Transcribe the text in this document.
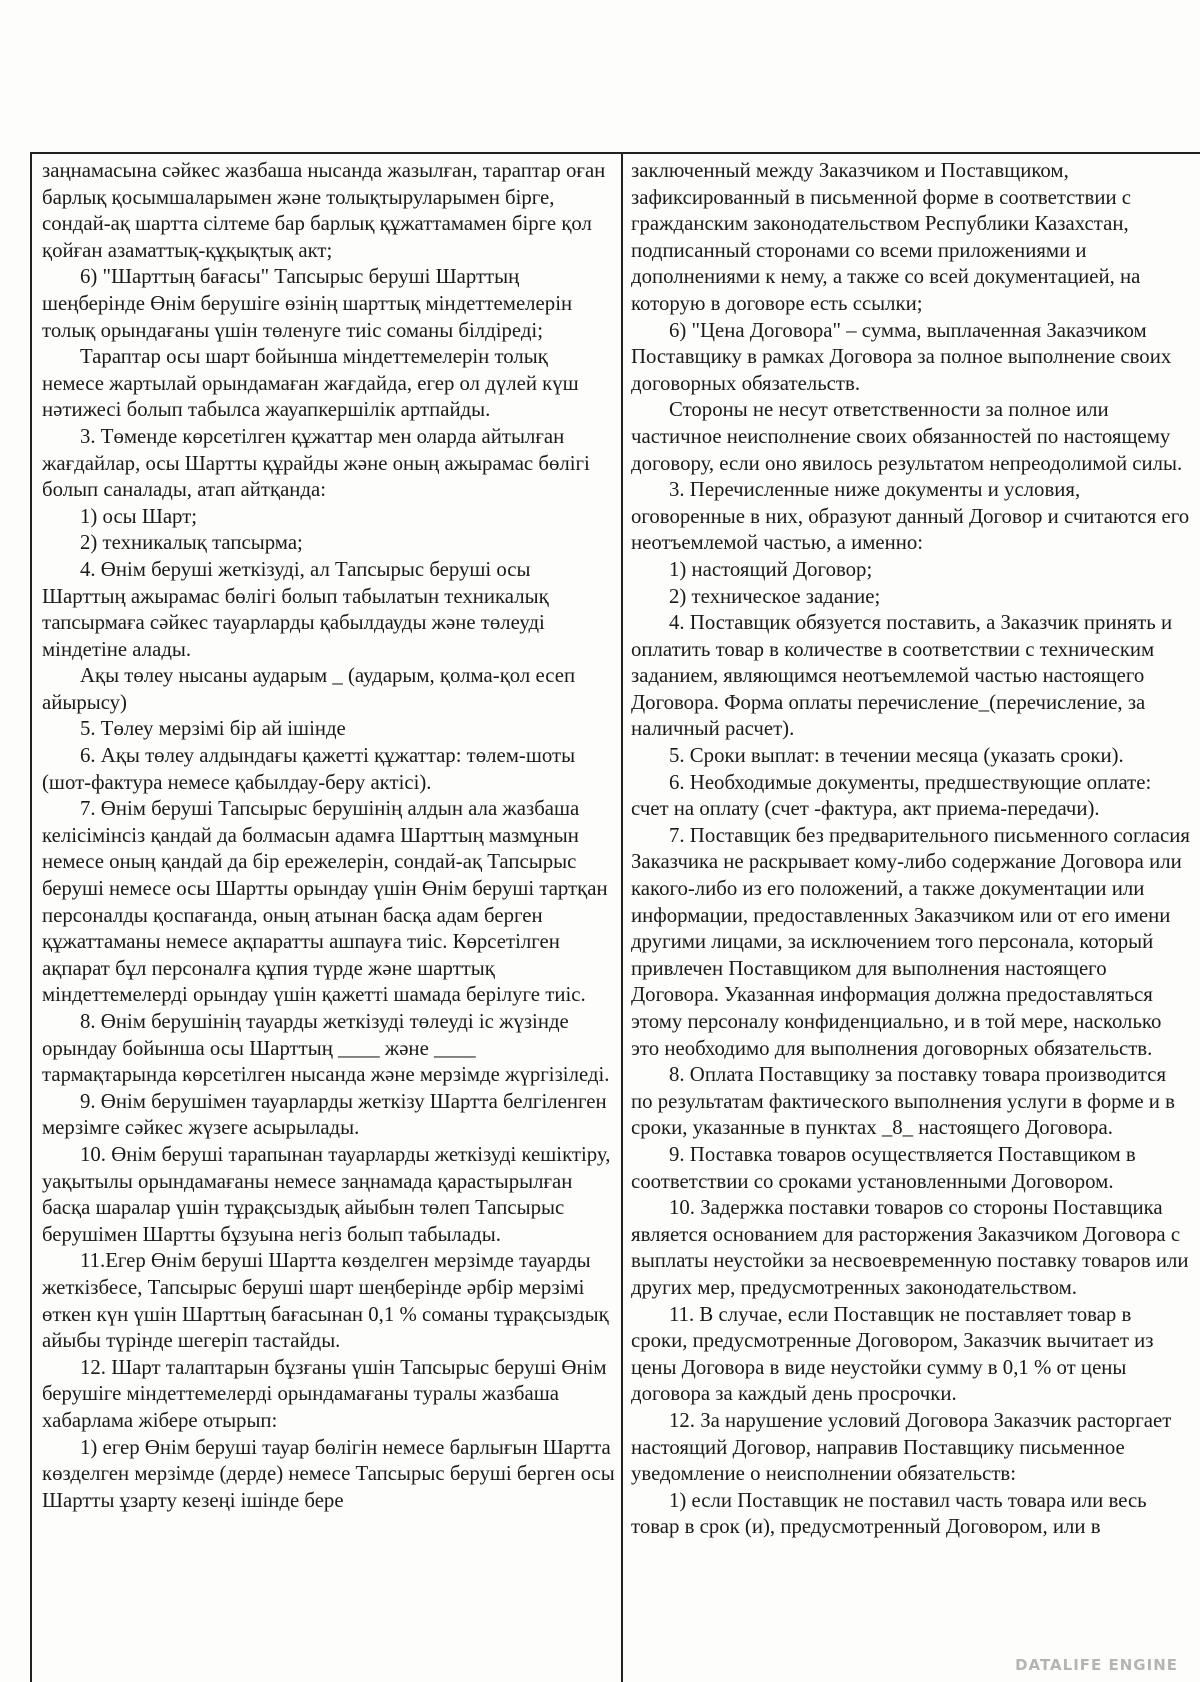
заңнамасына сәйкес жазбаша нысанда жазылған, тараптар оған барлық қосымшаларымен және толықтыруларымен бірге, сондай-ақ шартта сілтеме бар барлық құжаттамамен бірге қол қойған азаматтық-құқықтық акт;

6) "Шарттың бағасы" Тапсырыс беруші Шарттың шеңберінде Өнім берушіге өзінің шарттық міндеттемелерін толық орындағаны үшін төленуге тиіс соманы білдіреді;

Тараптар осы шарт бойынша міндеттемелерін толық немесе жартылай орындамаған жағдайда, егер ол дүлей күш нәтижесі болып табылса жауапкершілік артпайды.

3. Төменде көрсетілген құжаттар мен оларда айтылған жағдайлар, осы Шартты құрайды және оның ажырамас бөлігі болып саналады, атап айтқанда:

1) осы Шарт;

2) техникалық тапсырма;

4. Өнім беруші жеткізуді, ал Тапсырыс беруші осы Шарттың ажырамас бөлігі болып табылатын техникалық тапсырмаға сәйкес тауарларды қабылдауды және төлеуді міндетіне алады.

Ақы төлеу нысаны аударым _ (аударым, қолма-қол есеп айырысу)

5. Төлеу мерзімі бір ай ішінде

6. Ақы төлеу алдындағы қажетті құжаттар: төлем-шоты (шот-фактура немесе қабылдау-беру актісі).

7. Өнім беруші Тапсырыс берушінің алдын ала жазбаша келісімінсіз қандай да болмасын адамға Шарттың мазмұнын немесе оның қандай да бір ережелерін, сондай-ақ Тапсырыс беруші немесе осы Шартты орындау үшін Өнім беруші тартқан персоналды қоспағанда, оның атынан басқа адам берген құжаттаманы немесе ақпаратты ашпауға тиіс. Көрсетілген ақпарат бұл персоналға құпия түрде және шарттық міндеттемелерді орындау үшін қажетті шамада берілуге тиіс.

8. Өнім берушінің тауарды жеткізуді төлеуді іс жүзінде орындау бойынша осы Шарттың ____ және ____ тармақтарында көрсетілген нысанда және мерзімде жүргізіледі.

9. Өнім берушімен тауарларды жеткізу Шартта белгіленген мерзімге сәйкес жүзеге асырылады.

10. Өнім беруші тарапынан тауарларды жеткізуді кешіктіру, уақытылы орындамағаны немесе заңнамада қарастырылған басқа шаралар үшін тұрақсыздық айыбын төлеп Тапсырыс берушімен Шартты бұзуына негіз болып табылады.

11.Егер Өнім беруші Шартта көзделген мерзімде тауарды жеткізбесе, Тапсырыс беруші шарт шеңберінде әрбір мерзімі өткен күн үшін Шарттың бағасынан 0,1 % соманы тұрақсыздық айыбы түрінде шегеріп тастайды.

12. Шарт талаптарын бұзғаны үшін Тапсырыс беруші Өнім берушіге міндеттемелерді орындамағаны туралы жазбаша хабарлама жібере отырып:

1) егер Өнім беруші тауар бөлігін немесе барлығын Шартта көзделген мерзімде (дерде) немесе Тапсырыс беруші берген осы Шартты ұзарту кезеңі ішінде бере

заключенный между Заказчиком и Поставщиком, зафиксированный в письменной форме в соответствии с гражданским законодательством Республики Казахстан, подписанный сторонами со всеми приложениями и дополнениями к нему, а также со всей документацией, на которую в договоре есть ссылки;

6) "Цена Договора" – сумма, выплаченная Заказчиком Поставщику в рамках Договора за полное выполнение своих договорных обязательств.

Стороны не несут ответственности за полное или частичное неисполнение своих обязанностей по настоящему договору, если оно явилось результатом непреодолимой силы.

3. Перечисленные ниже документы и условия, оговоренные в них, образуют данный Договор и считаются его неотъемлемой частью, а именно:

1) настоящий Договор;

2) техническое задание;

4. Поставщик обязуется поставить, а Заказчик принять и оплатить товар в количестве в соответствии с техническим заданием, являющимся неотъемлемой частью настоящего Договора. Форма оплаты перечисление_(перечисление, за наличный расчет).

5. Сроки выплат: в течении месяца (указать сроки).

6. Необходимые документы, предшествующие оплате: счет на оплату (счет -фактура, акт приема-передачи).

7. Поставщик без предварительного письменного согласия Заказчика не раскрывает кому-либо содержание Договора или какого-либо из его положений, а также документации или информации, предоставленных Заказчиком или от его имени другими лицами, за исключением того персонала, который привлечен Поставщиком для выполнения настоящего Договора. Указанная информация должна предоставляться этому персоналу конфиденциально, и в той мере, насколько это необходимо для выполнения договорных обязательств.

8. Оплата Поставщику за поставку товара производится по результатам фактического выполнения услуги в форме и в сроки, указанные в пунктах _8_ настоящего Договора.

9. Поставка товаров осуществляется Поставщиком в соответствии со сроками установленными Договором.

10. Задержка поставки товаров со стороны Поставщика является основанием для расторжения Заказчиком Договора с выплаты неустойки за несвоевременную поставку товаров или других мер, предусмотренных законодательством.

11. В случае, если Поставщик не поставляет товар в сроки, предусмотренные Договором, Заказчик вычитает из цены Договора в виде неустойки сумму в 0,1 % от цены договора за каждый день просрочки.

12. За нарушение условий Договора Заказчик расторгает настоящий Договор, направив Поставщику письменное уведомление о неисполнении обязательств:

1) если Поставщик не поставил часть товара или весь товар в срок (и), предусмотренный Договором, или в

DATALIFE ENGINE
